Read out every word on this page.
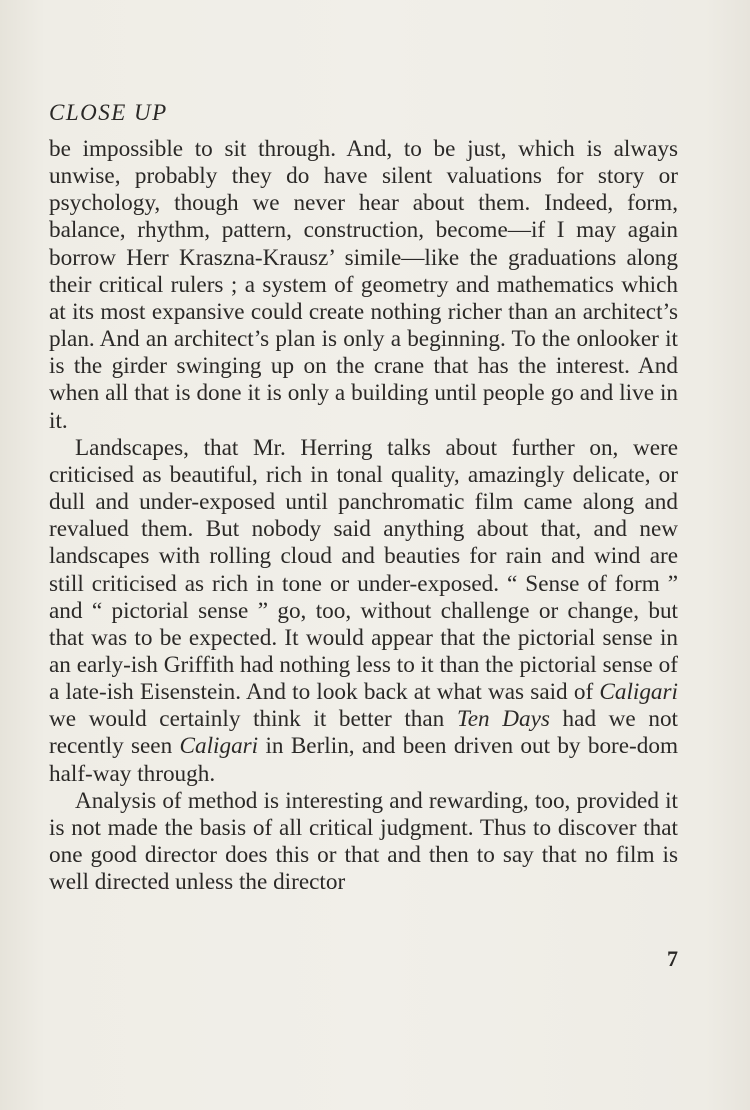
CLOSE UP

be impossible to sit through. And, to be just, which is always unwise, probably they do have silent valuations for story or psychology, though we never hear about them. Indeed, form, balance, rhythm, pattern, construction, become—if I may again borrow Herr Kraszna-Krausz’ simile—like the graduations along their critical rulers ; a system of geometry and mathematics which at its most expansive could create nothing richer than an architect’s plan. And an architect’s plan is only a beginning. To the onlooker it is the girder swinging up on the crane that has the interest. And when all that is done it is only a building until people go and live in it.

Landscapes, that Mr. Herring talks about further on, were criticised as beautiful, rich in tonal quality, amazingly delicate, or dull and under-exposed until panchromatic film came along and revalued them. But nobody said anything about that, and new landscapes with rolling cloud and beauties for rain and wind are still criticised as rich in tone or under-exposed. “ Sense of form ” and “ pictorial sense ” go, too, without challenge or change, but that was to be expected. It would appear that the pictorial sense in an early-ish Griffith had nothing less to it than the pictorial sense of a late-ish Eisenstein. And to look back at what was said of Caligari we would certainly think it better than Ten Days had we not recently seen Caligari in Berlin, and been driven out by bore-dom half-way through.

Analysis of method is interesting and rewarding, too, provided it is not made the basis of all critical judgment. Thus to discover that one good director does this or that and then to say that no film is well directed unless the director

7
